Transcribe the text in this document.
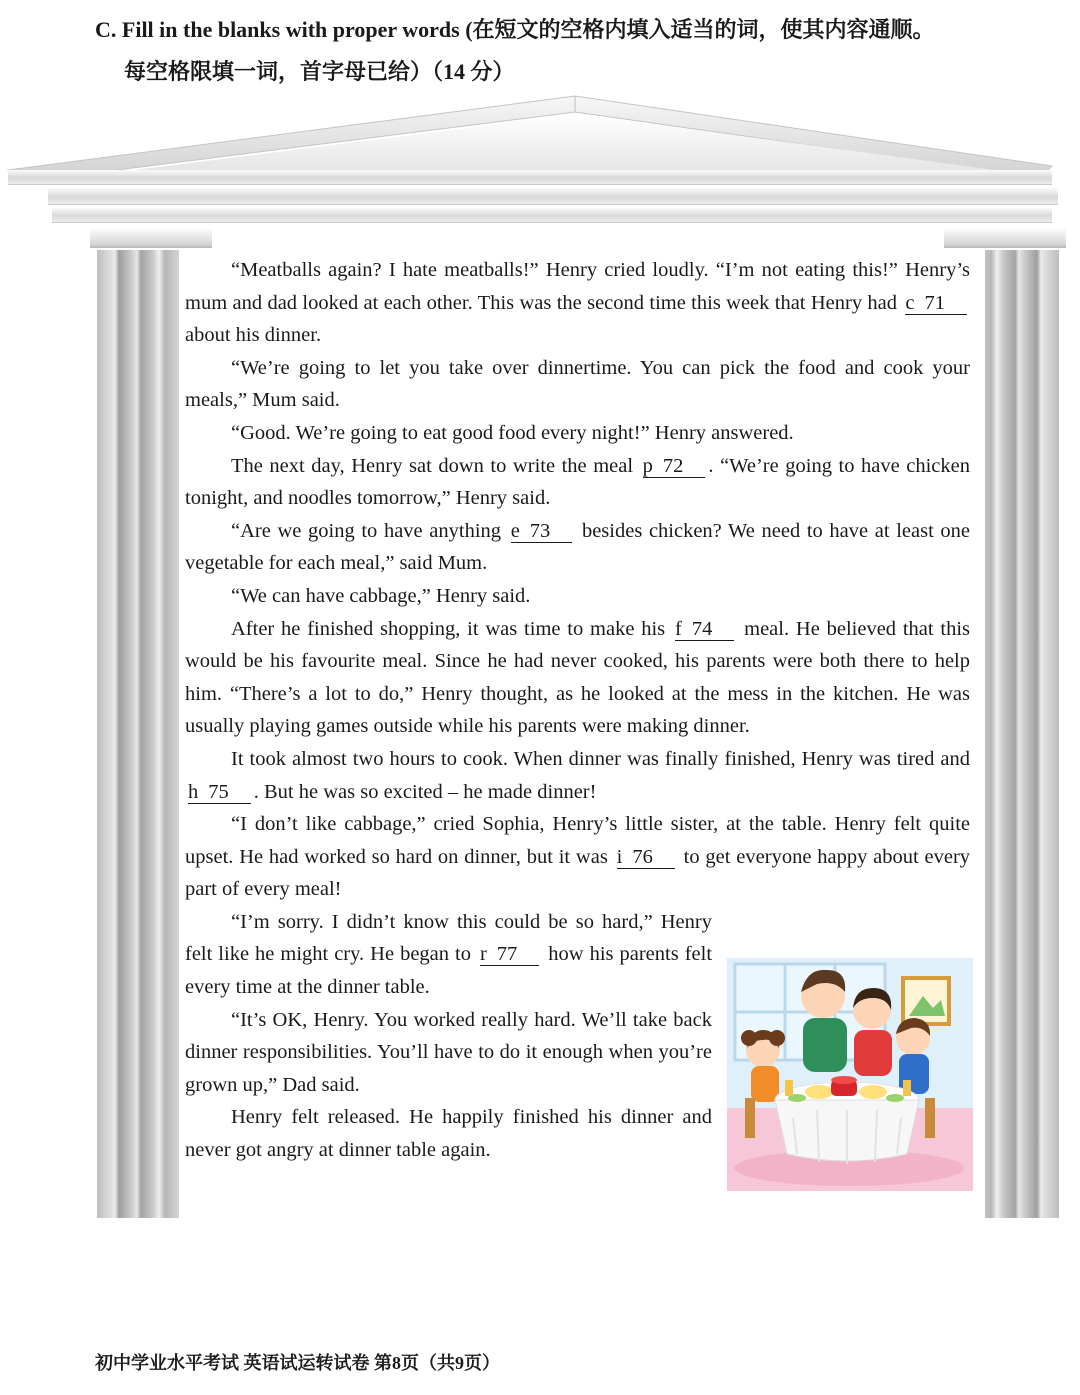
C. Fill in the blanks with proper words (在短文的空格内填入适当的词，使其内容通顺。
每空格限填一词，首字母已给）（14 分）

“Meatballs again? I hate meatballs!” Henry cried loudly. “I’m not eating this!” Henry’s mum and dad looked at each other. This was the second time this week that Henry had c 71 about his dinner.

“We’re going to let you take over dinnertime. You can pick the food and cook your meals,” Mum said.

“Good. We’re going to eat good food every night!” Henry answered.

The next day, Henry sat down to write the meal p 72 . “We’re going to have chicken tonight, and noodles tomorrow,” Henry said.

“Are we going to have anything e 73 besides chicken? We need to have at least one vegetable for each meal,” said Mum.

“We can have cabbage,” Henry said.

After he finished shopping, it was time to make his f 74 meal. He believed that this would be his favourite meal. Since he had never cooked, his parents were both there to help him. “There’s a lot to do,” Henry thought, as he looked at the mess in the kitchen. He was usually playing games outside while his parents were making dinner.

It took almost two hours to cook. When dinner was finally finished, Henry was tired and h 75 . But he was so excited – he made dinner!

“I don’t like cabbage,” cried Sophia, Henry’s little sister, at the table. Henry felt quite upset. He had worked so hard on dinner, but it was i 76 to get everyone happy about every part of every meal!

“I’m sorry. I didn’t know this could be so hard,” Henry felt like he might cry. He began to r 77 how his parents felt every time at the dinner table.

“It’s OK, Henry. You worked really hard. We’ll take back dinner responsibilities. You’ll have to do it enough when you’re grown up,” Dad said.

Henry felt released. He happily finished his dinner and never got angry at dinner table again.

初中学业水平考试 英语试运转试卷 第8页（共9页）
